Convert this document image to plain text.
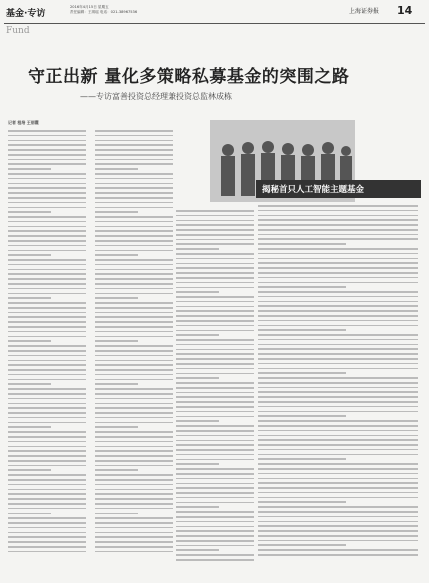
基金·专访
2016年4月15日 星期五
责任编辑：王琪瑶 电话：021-38967536	上海证券报 14
Fund
守正出新 量化多策略私募基金的突围之路
——专访富善投资总经理兼投资总监林成栋
记者 程培 王丽霞
揭秘首只人工智能主题基金
